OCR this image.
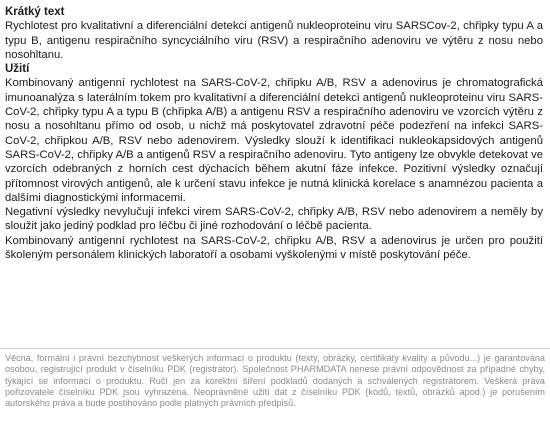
Krátký text
Rychlotest pro kvalitativní a diferenciální detekci antigenů nukleoproteinu viru SARSCov-2, chřipky typu A a typu B, antigenu respiračního syncyciálního viru (RSV) a respiračního adenoviru ve výtěru z nosu nebo nosohltanu.
Užití
Kombinovaný antigenní rychlotest na SARS-CoV-2, chřipku A/B, RSV a adenovirus je chromatografická imunoanalýza s laterálním tokem pro kvalitativní a diferenciální detekci antigenů nukleoproteinu viru SARS-CoV-2, chřipky typu A a typu B (chřipka A/B) a antigenu RSV a respiračního adenoviru ve vzorcích výtěru z nosu a nosohltanu přímo od osob, u nichž má poskytovatel zdravotní péče podezření na infekci SARS-CoV-2, chřipkou A/B, RSV nebo adenovirem. Výsledky slouží k identifikaci nukleokapsidových antigenů SARS-CoV-2, chřipky A/B a antigenů RSV a respiračního adenoviru. Tyto antigeny lze obvykle detekovat ve vzorcích odebraných z horních cest dýchacích během akutní fáze infekce. Pozitivní výsledky označují přítomnost virových antigenů, ale k určení stavu infekce je nutná klinická korelace s anamnézou pacienta a dalšími diagnostickými informacemi.
Negativní výsledky nevylučují infekci virem SARS-CoV-2, chřipky A/B, RSV nebo adenovirem a neměly by sloužit jako jediný podklad pro léčbu či jiné rozhodování o léčbě pacienta.
Kombinovaný antigenní rychlotest na SARS-CoV-2, chřipku A/B, RSV a adenovirus je určen pro použití školeným personálem klinických laboratoří a osobami vyškolenými v místě poskytování péče.
Věcná, formální i právní bezchybnost veškerých informací o produktu (texty, obrázky, certifikáty kvality a původu...) je garantována osobou, registrující produkt v číselníku PDK (registrátor). Společnost PHARMDATA nenese právní odpovědnost za případné chyby, týkající se informací o produktu. Ručí jen za korektní šíření podkladů dodaných a schválených registrátorem. Veškerá práva pořizovatele číselníku PDK jsou vyhrazena. Neoprávněné užití dat z číselníku PDK (kódů, textů, obrázků apod.) je porušením autorského práva a bude postihováno podle platných právních předpisů.
